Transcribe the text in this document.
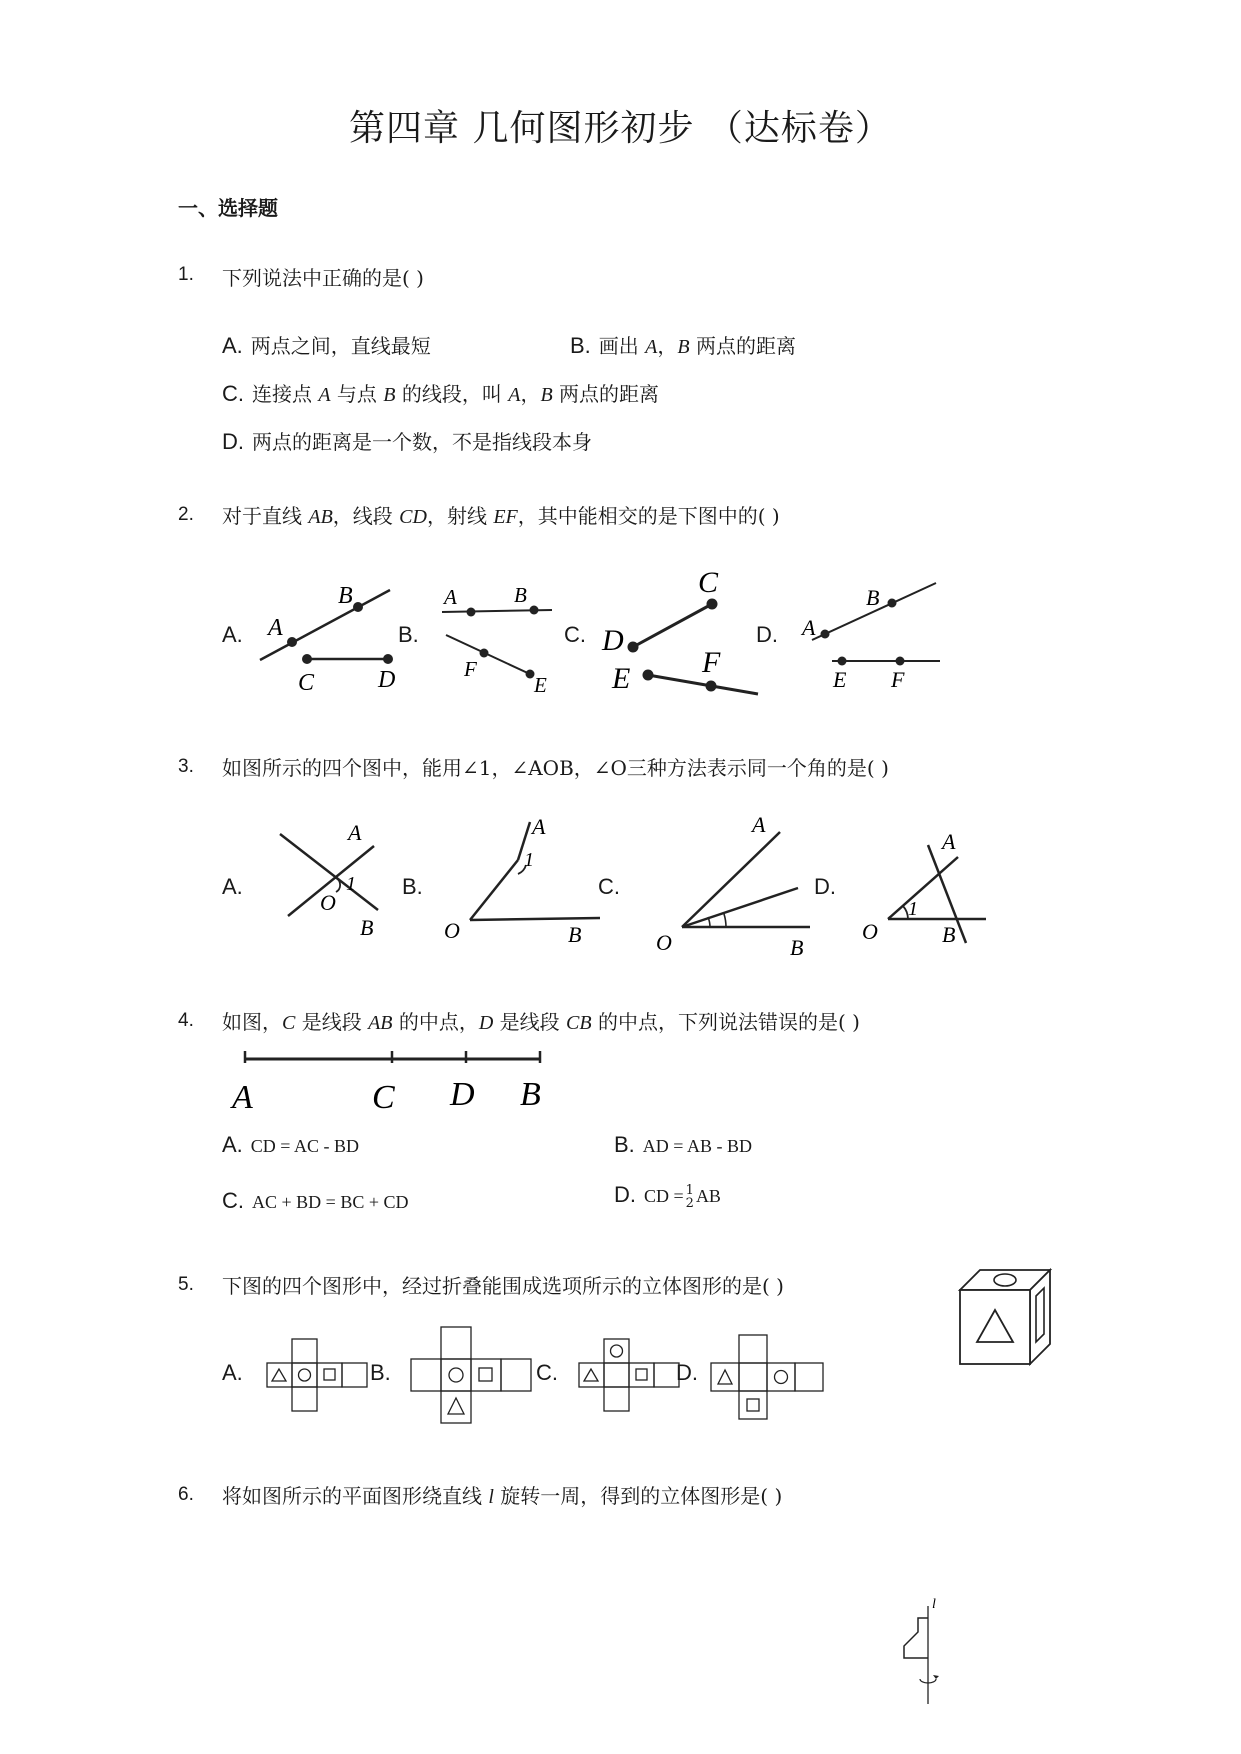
第四章 几何图形初步 （达标卷）
一、选择题
1. 下列说法中正确的是( )
A. 两点之间，直线最短	B. 画出 A，B 两点的距离
C. 连接点 A 与点 B 的线段，叫 A，B 两点的距离
D. 两点的距离是一个数，不是指线段本身
2. 对于直线 AB，线段 CD，射线 EF，其中能相交的是下图中的( )
A.	B.	C.	D.
A
B
C	D
A	B
F
E
C
D
F
E
A
B
E F
3. 如图所示的四个图中，能用∠1，∠AOB，∠O三种方法表示同一个角的是( )
A.	B.	C.	D.
A
O
1
B
A
1
O	B
A
O	B
A
1
O	B
4. 如图，C 是线段 AB 的中点，D 是线段 CB 的中点，下列说法错误的是( )
A	C D B
A. CD = AC - BD	B. AD = AB - BD
C. AC + BD = BC + CD	D. CD = 1
2 AB
5. 下图的四个图形中，经过折叠能围成选项所示的立体图形的是( )
A.	B.	C.	D.
6. 将如图所示的平面图形绕直线 l 旋转一周，得到的立体图形是( )
l
